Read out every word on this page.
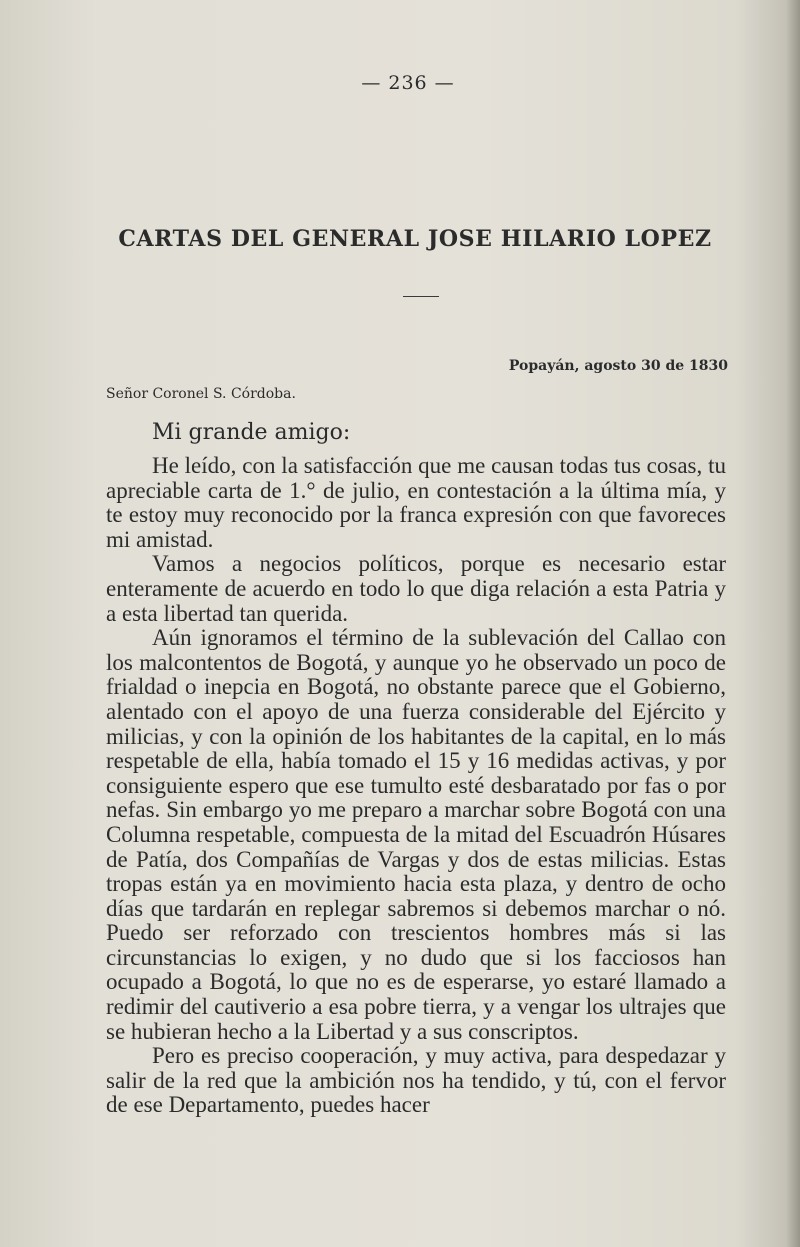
— 236 —
CARTAS DEL GENERAL JOSE HILARIO LOPEZ
Popayán, agosto 30 de 1830
Señor Coronel S. Córdoba.
Mi grande amigo:

He leído, con la satisfacción que me causan todas tus cosas, tu apreciable carta de 1.° de julio, en contestación a la última mía, y te estoy muy reconocido por la franca expresión con que favoreces mi amistad.

Vamos a negocios políticos, porque es necesario estar enteramente de acuerdo en todo lo que diga relación a esta Patria y a esta libertad tan querida.

Aún ignoramos el término de la sublevación del Callao con los malcontentos de Bogotá, y aunque yo he observado un poco de frialdad o inepcia en Bogotá, no obstante parece que el Gobierno, alentado con el apoyo de una fuerza considerable del Ejército y milicias, y con la opinión de los habitantes de la capital, en lo más respetable de ella, había tomado el 15 y 16 medidas activas, y por consiguiente espero que ese tumulto esté desbaratado por fas o por nefas. Sin embargo yo me preparo a marchar sobre Bogotá con una Columna respetable, compuesta de la mitad del Escuadrón Húsares de Patía, dos Compañías de Vargas y dos de estas milicias. Estas tropas están ya en movimiento hacia esta plaza, y dentro de ocho días que tardarán en replegar sabremos si debemos marchar o nó. Puedo ser reforzado con trescientos hombres más si las circunstancias lo exigen, y no dudo que si los facciosos han ocupado a Bogotá, lo que no es de esperarse, yo estaré llamado a redimir del cautiverio a esa pobre tierra, y a vengar los ultrajes que se hubieran hecho a la Libertad y a sus conscriptos.

Pero es preciso cooperación, y muy activa, para despedazar y salir de la red que la ambición nos ha tendido, y tú, con el fervor de ese Departamento, puedes hacer
